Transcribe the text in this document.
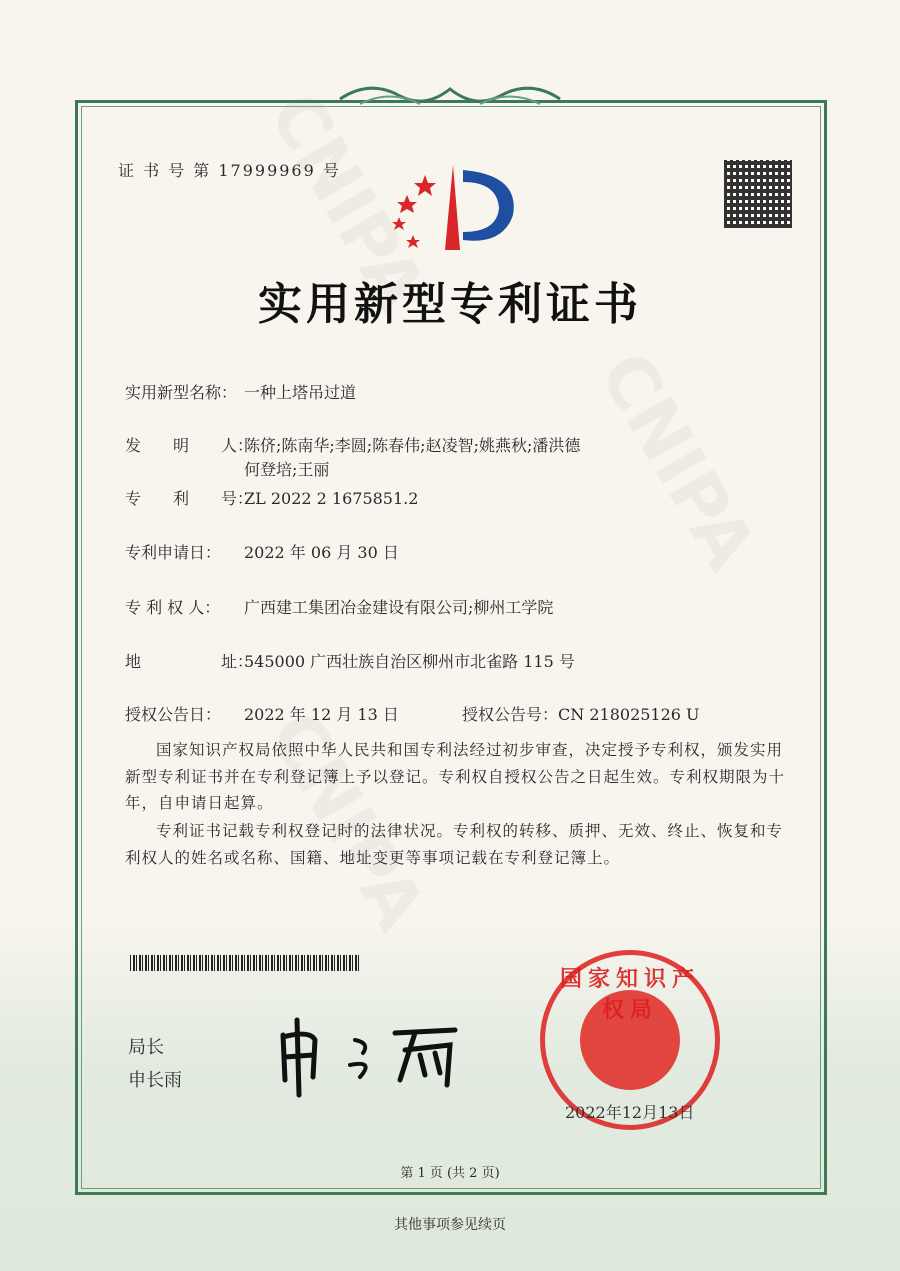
证 书 号 第 17999969 号
实用新型专利证书
实用新型名称： 一种上塔吊过道
发　　明　　人：陈侪;陈南华;李圆;陈春伟;赵凌智;姚燕秋;潘洪德
何登培;王丽
专　　利　　号：ZL 2022 2 1675851.2
专利申请日： 2022 年 06 月 30 日
专 利 权 人： 广西建工集团冶金建设有限公司;柳州工学院
地　　　　　址：545000 广西壮族自治区柳州市北雀路 115 号
授权公告日： 2022 年 12 月 13 日	授权公告号：CN 218025126 U
国家知识产权局依照中华人民共和国专利法经过初步审查，决定授予专利权，颁发实用新型专利证书并在专利登记簿上予以登记。专利权自授权公告之日起生效。专利权期限为十年，自申请日起算。
专利证书记载专利权登记时的法律状况。专利权的转移、质押、无效、终止、恢复和专利权人的姓名或名称、国籍、地址变更等事项记载在专利登记簿上。
局长
申长雨
国家知识产权局
2022年12月13日
第 1 页 (共 2 页)
其他事项参见续页
